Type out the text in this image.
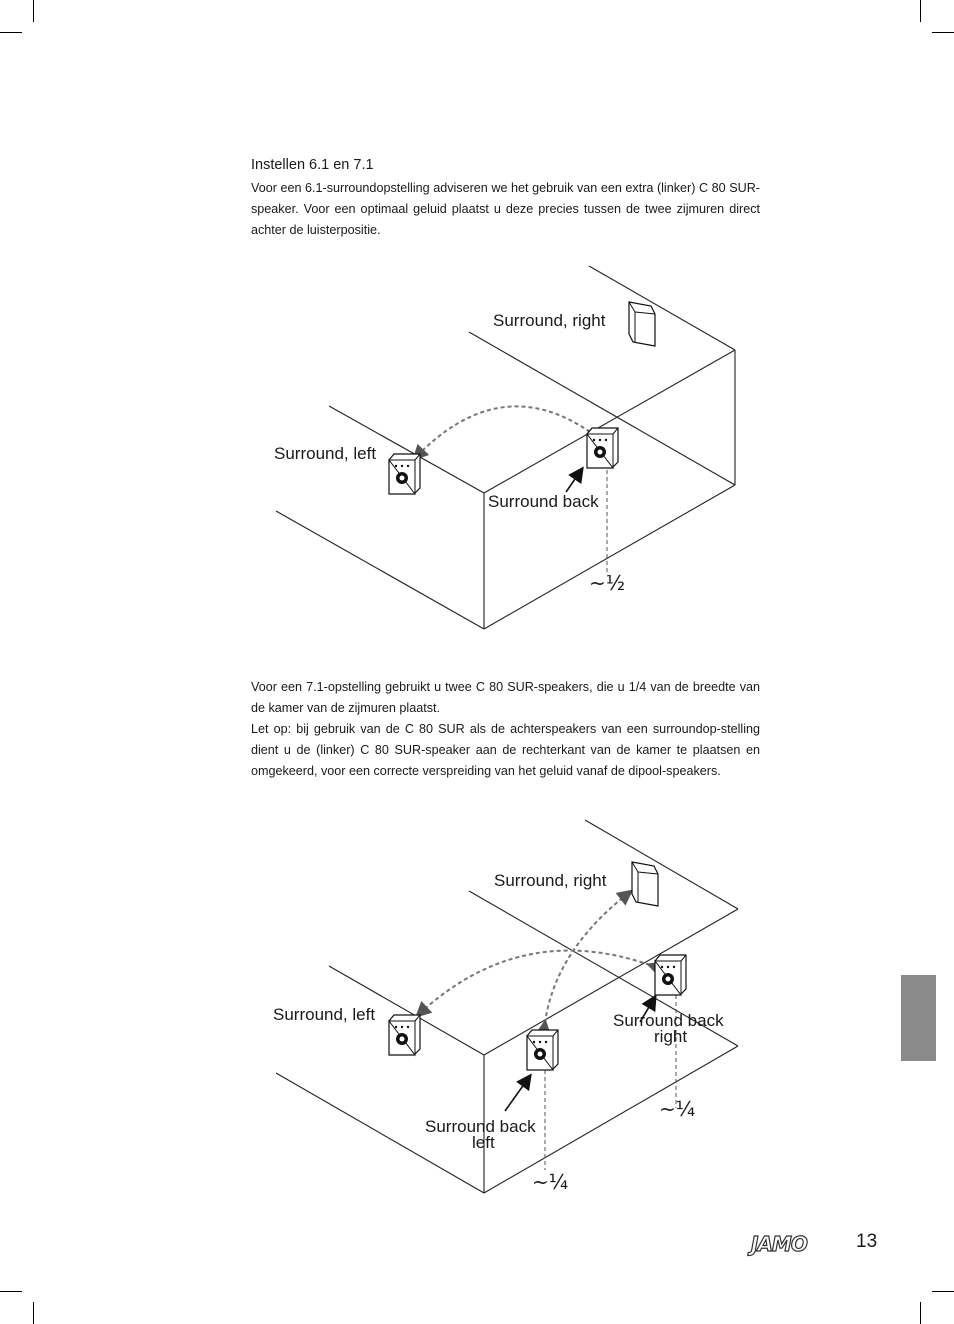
Instellen 6.1 en 7.1

Voor een 6.1-surroundopstelling adviseren we het gebruik van een extra (linker) C 80 SUR-speaker. Voor een optimaal geluid plaatst u deze precies tussen de twee zijmuren direct achter de luisterpositie.

Voor een 7.1-opstelling gebruikt u twee C 80 SUR-speakers, die u 1/4 van de breedte van de kamer van de zijmuren plaatst.

Let op: bij gebruik van de C 80 SUR als de achterspeakers van een surroundop-stelling dient u de (linker) C 80 SUR-speaker aan de rechterkant van de kamer te plaatsen en omgekeerd, voor een correcte verspreiding van het geluid vanaf de dipool-speakers.

Surround, right
Surround, left
Surround back
~½
Surround, right
Surround, left	Surround back
right
Surround back
left
~¼
~¼
JAMO	13
